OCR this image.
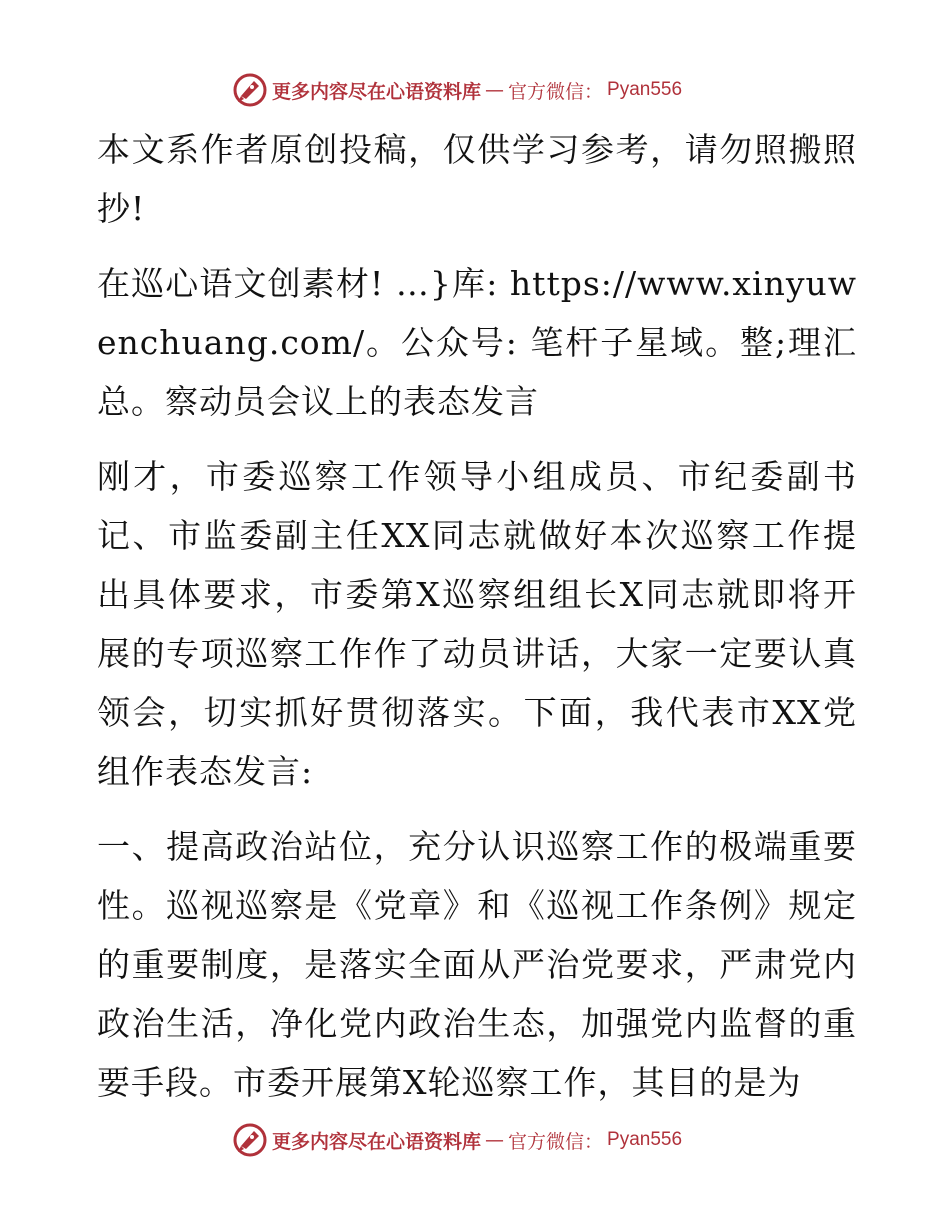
更多内容尽在心语资料库 — 官方微信： Pyan556

本文系作者原创投稿，仅供学习参考，请勿照搬照抄!

在巡心语文创素材! …}库: https://www.xinyuwenchuang.com/。公众号: 笔杆子星域。整;理汇总。察动员会议上的表态发言

刚才，市委巡察工作领导小组成员、市纪委副书记、市监委副主任XX同志就做好本次巡察工作提出具体要求，市委第X巡察组组长X同志就即将开展的专项巡察工作作了动员讲话，大家一定要认真领会，切实抓好贯彻落实。下面，我代表市XX党组作表态发言:

一、提高政治站位，充分认识巡察工作的极端重要性。巡视巡察是《党章》和《巡视工作条例》规定的重要制度，是落实全面从严治党要求，严肃党内政治生活，净化党内政治生态，加强党内监督的重要手段。市委开展第X轮巡察工作，其目的是为

更多内容尽在心语资料库 — 官方微信： Pyan556
